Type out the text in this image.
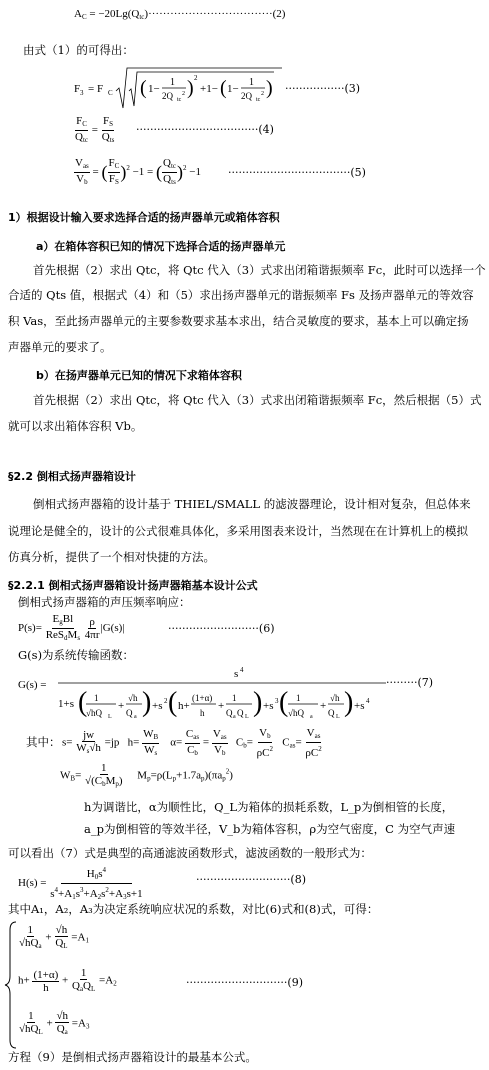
$A_C = -20Lg(Q_{tc})\cdot\cdot\cdot\cdot\cdot\cdot\cdot\cdot\cdot\cdot\cdot\cdot\cdot\cdot\cdot\cdot\cdot\cdot\cdot\cdot\cdot\cdot\cdot\cdot\cdot\cdot\cdot\cdot\cdot\cdot\cdot\cdot\cdot\cdot(2)$
由式（1）的可得出：
F 3 = F C ( 1−
1
2Q tc
2 ) 2
+1− ( 1−
1
2Q tc
2 ) ·················(3)
$\frac{F_C}{Q_{tc}} = \frac{F_S}{Q_{ts}} \cdot\cdot\cdot\cdot\cdot\cdot\cdot\cdot\cdot\cdot\cdot\cdot\cdot\cdot\cdot\cdot\cdot\cdot\cdot\cdot\cdot\cdot\cdot\cdot\cdot\cdot\cdot\cdot\cdot\cdot\cdot\cdot\cdot\cdot\cdot(4)$
$\frac{V_{as}}{V_b}$ = ( $\frac{F_C}{F_S} )^2 -1$ = ( $\frac{Q_{tc}}{Q_{ts}} )^2 -1 \cdot\cdot\cdot\cdot\cdot\cdot\cdot\cdot\cdot\cdot\cdot\cdot\cdot\cdot\cdot\cdot\cdot\cdot\cdot\cdot\cdot\cdot\cdot\cdot\cdot\cdot\cdot\cdot\cdot\cdot\cdot\cdot\cdot\cdot\cdot(5)$
1）根据设计输入要求选择合适的扬声器单元或箱体容积
a）在箱体容积已知的情况下选择合适的扬声器单元
首先根据（2）求出 Qtc，将 Qtc 代入（3）式求出闭箱谐振频率 Fc，此时可以选择一个
合适的 Qts 值，根据式（4）和（5）求出扬声器单元的谐振频率 Fs 及扬声器单元的等效容
积 Vas，至此扬声器单元的主要参数要求基本求出，结合灵敏度的要求，基本上可以确定扬
声器单元的要求了。
b）在扬声器单元已知的情况下求箱体容积
首先根据（2）求出 Qtc，将 Qtc 代入（3）式求出闭箱谐振频率 Fc，然后根据（5）式
就可以求出箱体容积 Vb。
§2.2 倒相式扬声器箱设计
倒相式扬声器箱的设计基于 THIEL/SMALL 的滤波器理论，设计相对复杂，但总体来
说理论是健全的，设计的公式很难具体化，多采用图表来设计，当然现在在计算机上的模拟
仿真分析，提供了一个相对快捷的方法。
§2.2.1 倒相式扬声器箱设计扬声器箱基本设计公式
倒相式扬声器箱的声压频率响应：
$P(s)= \frac{E_gBl}{ReS_dM_s}$
$\frac{\rho}{4\pi r} |G(s)|$	··························(6)
G(s)为系统传输函数：
G(s) =
s 4
1+s ( 1
√hQ L
+
√h
Q a ) +s 2 ( h+
(1+α)
h
+
1
Q a Q L ) +s 3 ( 1
√hQ a
+
√h
Q L ) +s 4
·········(7)
其中： $s= \frac{jw}{W_s√h} =jp$   $h= \frac{W_B}{W_s} \alpha= \frac{C_{as}}{C_b} = \frac{V_{as}}{V_b} C_b= \frac{V_b}{\rho C^2} C_{as}= \frac{V_{as}}{\rho C^2}$
$W_B= \frac{1}{√(C_bM_p)} M_p=\rho(L_p+1.7a_p)(\pi a_p^2)$
h为调谐比，α为顺性比，Q_L为箱体的损耗系数，L_p为倒相管的长度，
a_p为倒相管的等效半径，V_b为箱体容积，ρ为空气密度，C 为空气声速
可以看出（7）式是典型的高通滤波函数形式，滤波函数的一般形式为：
$H(s) = \frac{H_0s^4}{s^4+A_1s^3+A_2s^2+A_3s+1}$	···························(8)
其中A₁，A₂，A₃为决定系统响应状况的系数，对比(6)式和(8)式，可得：
$\frac{1}{√hQ_a} + \frac{√h}{Q_L} =A_1$
$h+ \frac{(1+\alpha)}{h} + \frac{1}{Q_aQ_L} =A_2$	·····························(9)
$\frac{1}{√hQ_L} + \frac{√h}{Q_a} =A_3$
方程（9）是倒相式扬声器箱设计的最基本公式。
